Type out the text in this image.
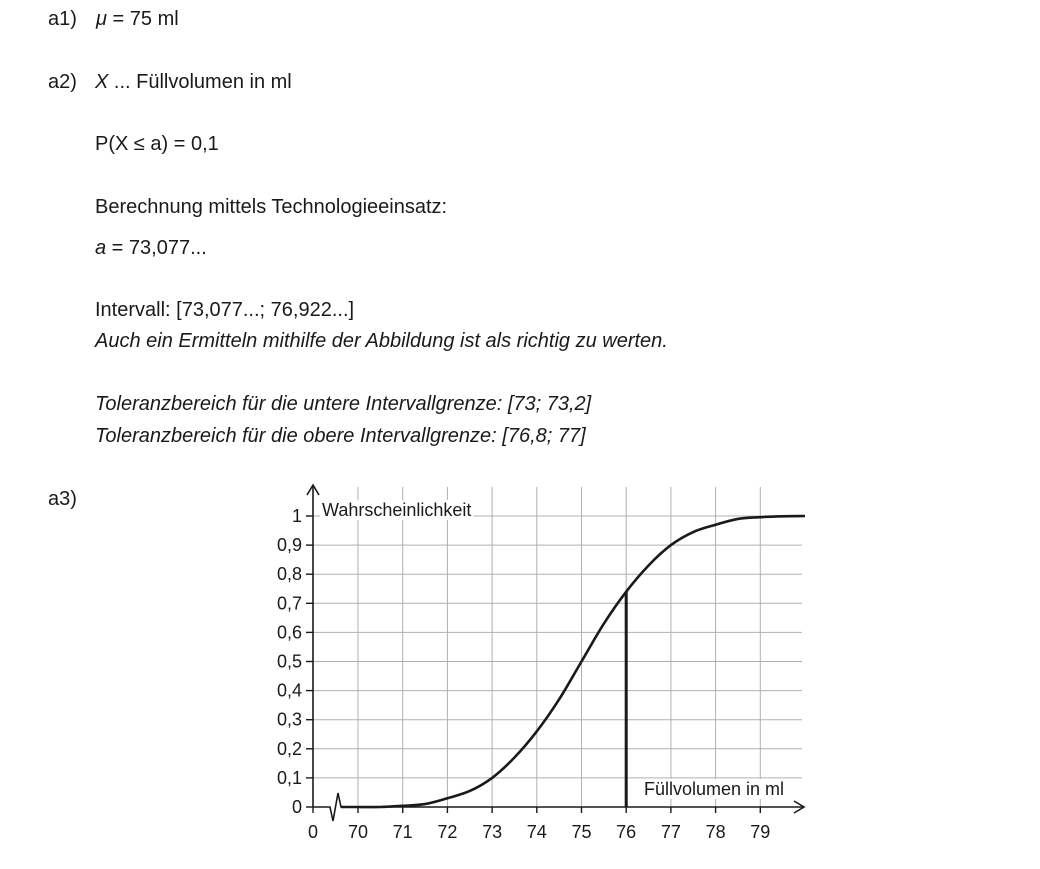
a1) μ = 75 ml
a2) X ... Füllvolumen in ml
P(X ≤ a) = 0,1
Berechnung mittels Technologieeinsatz:
a = 73,077...
Intervall: [73,077...; 76,922...]
Auch ein Ermitteln mithilfe der Abbildung ist als richtig zu werten.
Toleranzbereich für die untere Intervallgrenze: [73; 73,2]
Toleranzbereich für die obere Intervallgrenze: [76,8; 77]
a3)
0
0,1
0,2
0,3
0,4
0,5
0,6
0,7
0,8
0,9
1
0 70 71 72 73 74 75 76 77 78 79
Wahrscheinlichkeit
Füllvolumen in ml
